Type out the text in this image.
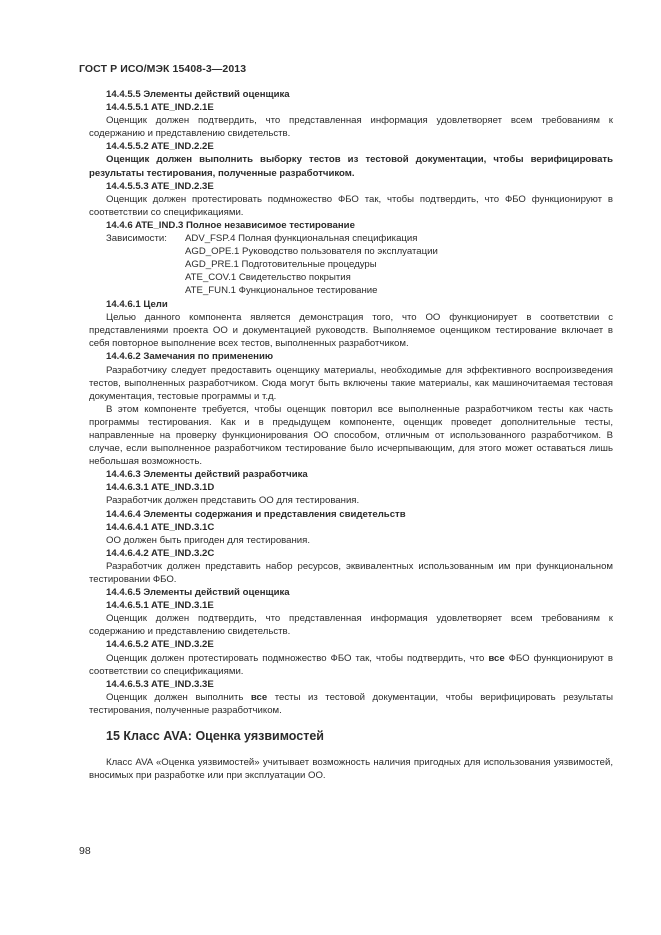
ГОСТ Р ИСО/МЭК 15408-3—2013

14.4.5.5 Элементы действий оценщика

14.4.5.5.1 ATE_IND.2.1E

Оценщик должен подтвердить, что представленная информация удовлетворяет всем требованиям к содержанию и представлению свидетельств.

14.4.5.5.2 ATE_IND.2.2E

Оценщик должен выполнить выборку тестов из тестовой документации, чтобы верифицировать результаты тестирования, полученные разработчиком.

14.4.5.5.3 ATE_IND.2.3E

Оценщик должен протестировать подмножество ФБО так, чтобы подтвердить, что ФБО функционируют в соответствии со спецификациями.

14.4.6 ATE_IND.3 Полное независимое тестирование

Зависимости: ADV_FSP.4 Полная функциональная спецификация
AGD_OPE.1 Руководство пользователя по эксплуатации
AGD_PRE.1 Подготовительные процедуры
ATE_COV.1 Свидетельство покрытия
ATE_FUN.1 Функциональное тестирование

14.4.6.1 Цели

Целью данного компонента является демонстрация того, что ОО функционирует в соответствии с представлениями проекта ОО и документацией руководств. Выполняемое оценщиком тестирование включает в себя повторное выполнение всех тестов, выполненных разработчиком.

14.4.6.2 Замечания по применению

Разработчику следует предоставить оценщику материалы, необходимые для эффективного воспроизведения тестов, выполненных разработчиком. Сюда могут быть включены такие материалы, как машиночитаемая тестовая документация, тестовые программы и т.д.

В этом компоненте требуется, чтобы оценщик повторил все выполненные разработчиком тесты как часть программы тестирования. Как и в предыдущем компоненте, оценщик проведет дополнительные тесты, направленные на проверку функционирования ОО способом, отличным от использованного разработчиком. В случае, если выполненное разработчиком тестирование было исчерпывающим, для этого может оставаться лишь небольшая возможность.

14.4.6.3 Элементы действий разработчика

14.4.6.3.1 ATE_IND.3.1D

Разработчик должен представить ОО для тестирования.

14.4.6.4 Элементы содержания и представления свидетельств

14.4.6.4.1 ATE_IND.3.1C

ОО должен быть пригоден для тестирования.

14.4.6.4.2 ATE_IND.3.2C

Разработчик должен представить набор ресурсов, эквивалентных использованным им при функциональном тестировании ФБО.

14.4.6.5 Элементы действий оценщика

14.4.6.5.1 ATE_IND.3.1E

Оценщик должен подтвердить, что представленная информация удовлетворяет всем требованиям к содержанию и представлению свидетельств.

14.4.6.5.2 ATE_IND.3.2E

Оценщик должен протестировать подмножество ФБО так, чтобы подтвердить, что все ФБО функционируют в соответствии со спецификациями.

14.4.6.5.3 ATE_IND.3.3E

Оценщик должен выполнить все тесты из тестовой документации, чтобы верифицировать результаты тестирования, полученные разработчиком.

15 Класс AVA: Оценка уязвимостей

Класс AVA «Оценка уязвимостей» учитывает возможность наличия пригодных для использования уязвимостей, вносимых при разработке или при эксплуатации ОО.

98
